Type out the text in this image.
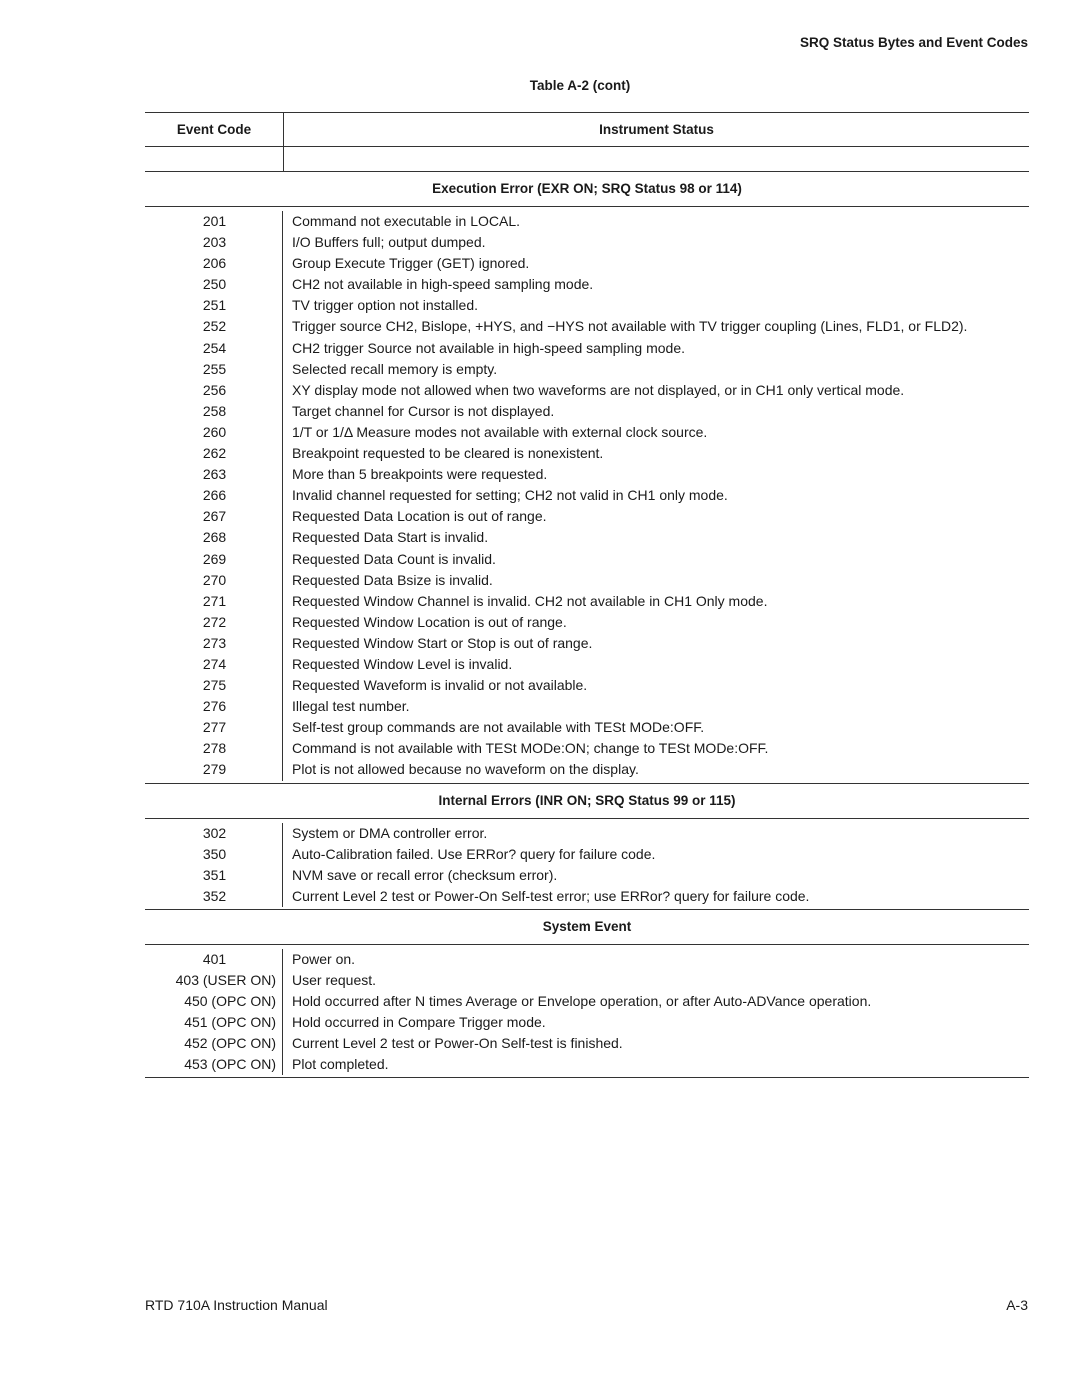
SRQ Status Bytes and Event Codes
Table A-2 (cont)
Event Code	Instrument Status
Execution Error (EXR ON; SRQ Status 98 or 114)
201	Command not executable in LOCAL.
203	I/O Buffers full; output dumped.
206	Group Execute Trigger (GET) ignored.
250	CH2 not available in high-speed sampling mode.
251	TV trigger option not installed.
252	Trigger source CH2, Bislope, +HYS, and −HYS not available with TV trigger coupling (Lines, FLD1, or FLD2).
254	CH2 trigger Source not available in high-speed sampling mode.
255	Selected recall memory is empty.
256	XY display mode not allowed when two waveforms are not displayed, or in CH1 only vertical mode.
258	Target channel for Cursor is not displayed.
260	1/T or 1/Δ Measure modes not available with external clock source.
262	Breakpoint requested to be cleared is nonexistent.
263	More than 5 breakpoints were requested.
266	Invalid channel requested for setting; CH2 not valid in CH1 only mode.
267	Requested Data Location is out of range.
268	Requested Data Start is invalid.
269	Requested Data Count is invalid.
270	Requested Data Bsize is invalid.
271	Requested Window Channel is invalid. CH2 not available in CH1 Only mode.
272	Requested Window Location is out of range.
273	Requested Window Start or Stop is out of range.
274	Requested Window Level is invalid.
275	Requested Waveform is invalid or not available.
276	Illegal test number.
277	Self-test group commands are not available with TESt MODe:OFF.
278	Command is not available with TESt MODe:ON; change to TESt MODe:OFF.
279	Plot is not allowed because no waveform on the display.
Internal Errors (INR ON; SRQ Status 99 or 115)
302	System or DMA controller error.
350	Auto-Calibration failed. Use ERRor? query for failure code.
351	NVM save or recall error (checksum error).
352	Current Level 2 test or Power-On Self-test error; use ERRor? query for failure code.
System Event
401	Power on.
403 (USER ON)	User request.
450 (OPC ON)	Hold occurred after N times Average or Envelope operation, or after Auto-ADVance operation.
451 (OPC ON)	Hold occurred in Compare Trigger mode.
452 (OPC ON)	Current Level 2 test or Power-On Self-test is finished.
453 (OPC ON)	Plot completed.
RTD 710A Instruction Manual	A-3
